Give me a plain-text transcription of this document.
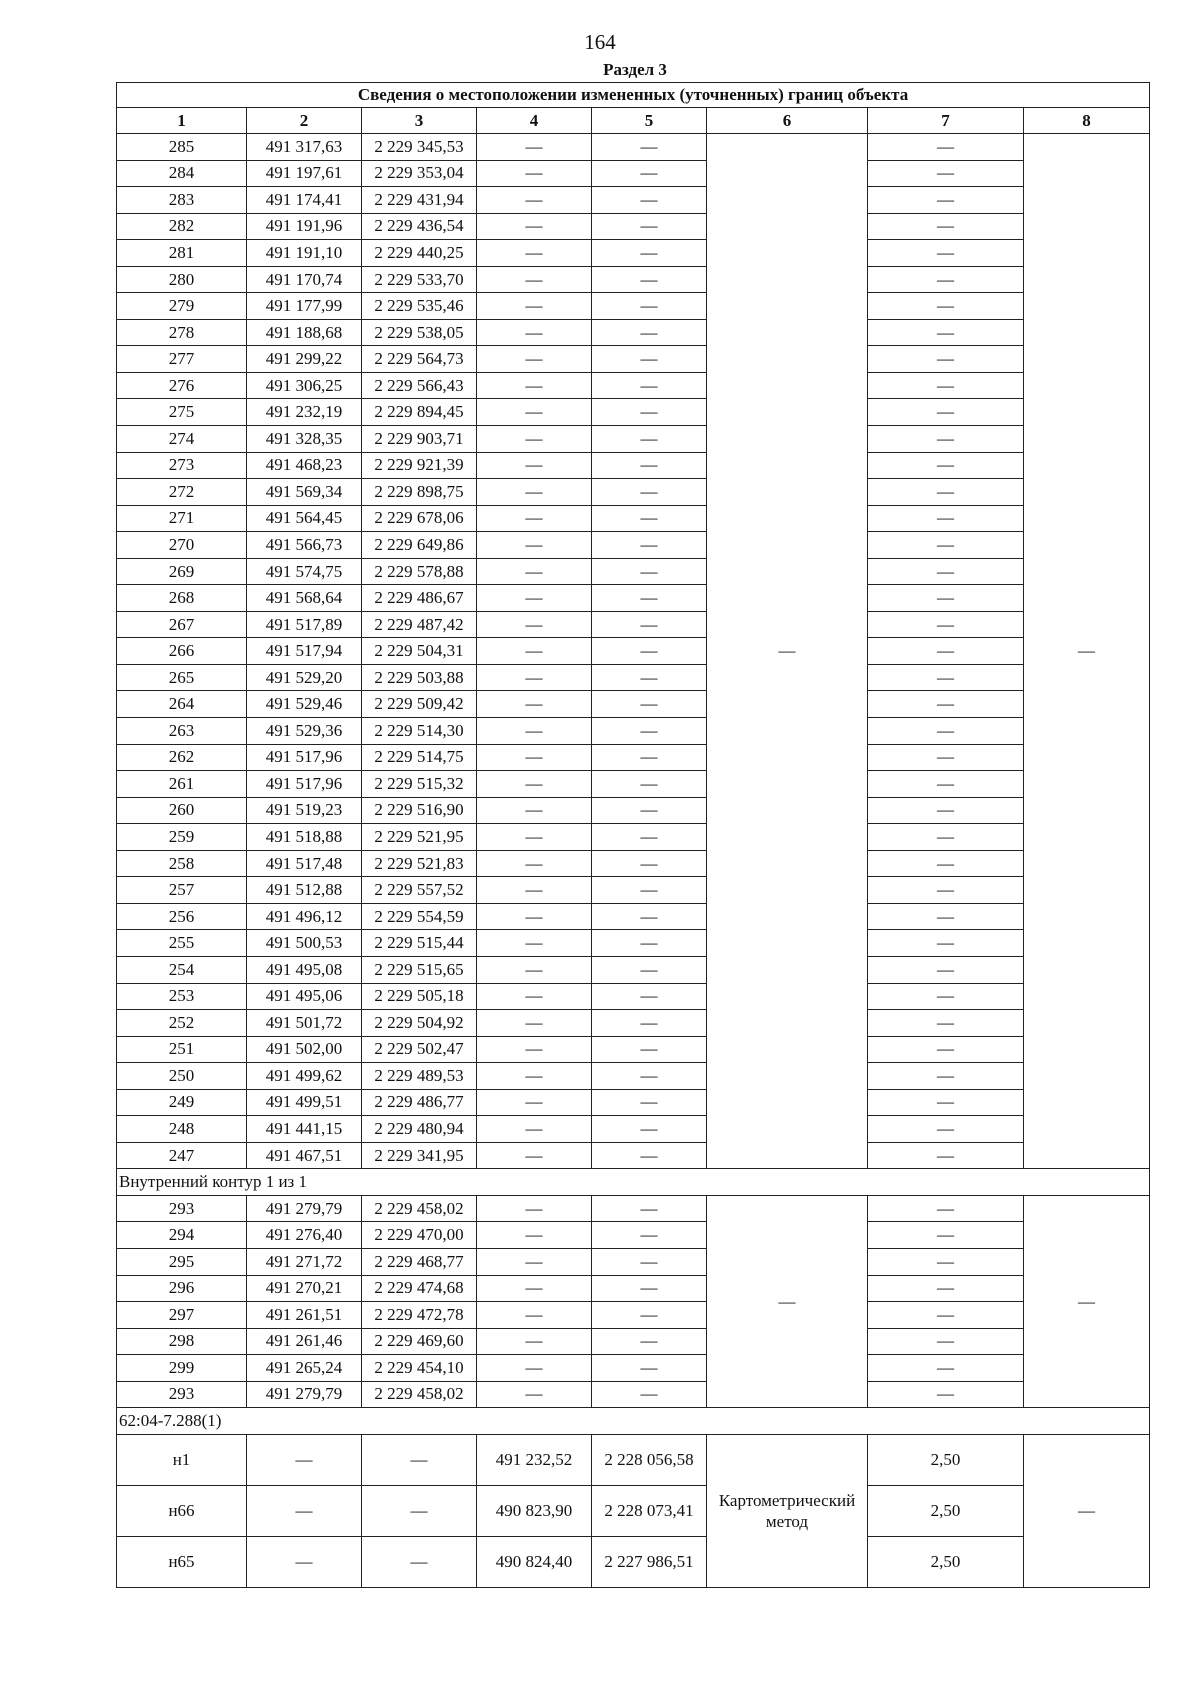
164
Раздел 3
Сведения о местоположении измененных (уточненных) границ объекта							
1	2	3	4	5	6	7	8
285	491 317,63	2 229 345,53	—	—	—	—	—
284	491 197,61	2 229 353,04	—	—		—	
283	491 174,41	2 229 431,94	—	—		—	
282	491 191,96	2 229 436,54	—	—		—	
281	491 191,10	2 229 440,25	—	—		—	
280	491 170,74	2 229 533,70	—	—		—	
279	491 177,99	2 229 535,46	—	—		—	
278	491 188,68	2 229 538,05	—	—		—	
277	491 299,22	2 229 564,73	—	—		—	
276	491 306,25	2 229 566,43	—	—		—	
275	491 232,19	2 229 894,45	—	—		—	
274	491 328,35	2 229 903,71	—	—		—	
273	491 468,23	2 229 921,39	—	—		—	
272	491 569,34	2 229 898,75	—	—		—	
271	491 564,45	2 229 678,06	—	—		—	
270	491 566,73	2 229 649,86	—	—		—	
269	491 574,75	2 229 578,88	—	—		—	
268	491 568,64	2 229 486,67	—	—		—	
267	491 517,89	2 229 487,42	—	—		—	
266	491 517,94	2 229 504,31	—	—		—	
265	491 529,20	2 229 503,88	—	—		—	
264	491 529,46	2 229 509,42	—	—		—	
263	491 529,36	2 229 514,30	—	—		—	
262	491 517,96	2 229 514,75	—	—		—	
261	491 517,96	2 229 515,32	—	—		—	
260	491 519,23	2 229 516,90	—	—		—	
259	491 518,88	2 229 521,95	—	—		—	
258	491 517,48	2 229 521,83	—	—		—	
257	491 512,88	2 229 557,52	—	—		—	
256	491 496,12	2 229 554,59	—	—		—	
255	491 500,53	2 229 515,44	—	—		—	
254	491 495,08	2 229 515,65	—	—		—	
253	491 495,06	2 229 505,18	—	—		—	
252	491 501,72	2 229 504,92	—	—		—	
251	491 502,00	2 229 502,47	—	—		—	
250	491 499,62	2 229 489,53	—	—		—	
249	491 499,51	2 229 486,77	—	—		—	
248	491 441,15	2 229 480,94	—	—		—	
247	491 467,51	2 229 341,95	—	—		—	
Внутренний контур 1 из 1							
293	491 279,79	2 229 458,02	—	—	—	—	—
294	491 276,40	2 229 470,00	—	—		—	
295	491 271,72	2 229 468,77	—	—		—	
296	491 270,21	2 229 474,68	—	—		—	
297	491 261,51	2 229 472,78	—	—		—	
298	491 261,46	2 229 469,60	—	—		—	
299	491 265,24	2 229 454,10	—	—		—	
293	491 279,79	2 229 458,02	—	—		—	
62:04-7.288(1)							
н1	—	—	491 232,52	2 228 056,58	Картометрический метод	2,50	—
н66	—	—	490 823,90	2 228 073,41		2,50	
н65	—	—	490 824,40	2 227 986,51		2,50	
